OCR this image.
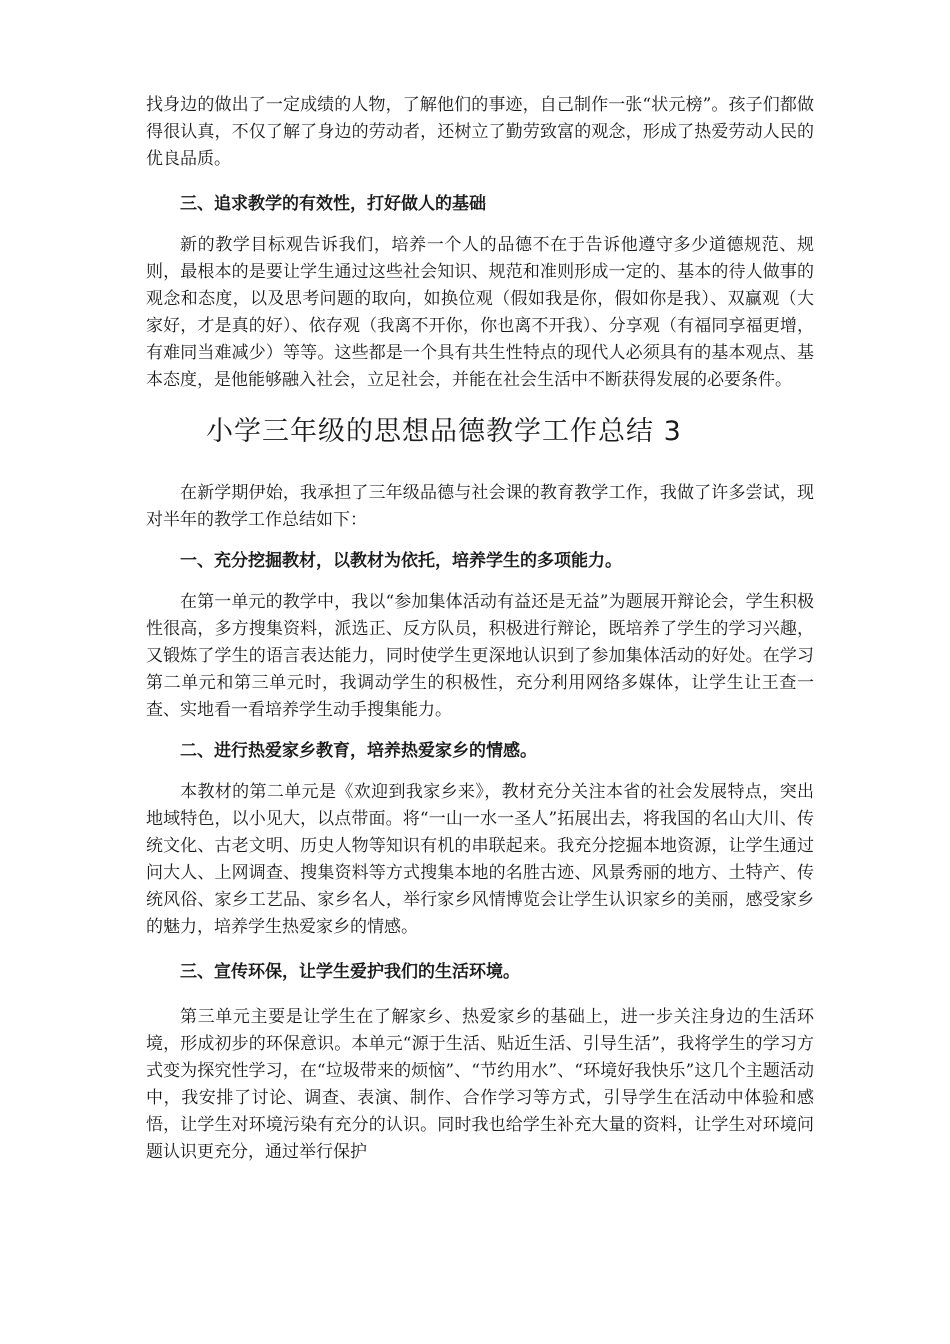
找身边的做出了一定成绩的人物，了解他们的事迹，自己制作一张“状元榜”。孩子们都做得很认真，不仅了解了身边的劳动者，还树立了勤劳致富的观念，形成了热爱劳动人民的优良品质。

三、追求教学的有效性，打好做人的基础

新的教学目标观告诉我们，培养一个人的品德不在于告诉他遵守多少道德规范、规则，最根本的是要让学生通过这些社会知识、规范和准则形成一定的、基本的待人做事的观念和态度，以及思考问题的取向，如换位观（假如我是你，假如你是我）、双赢观（大家好，才是真的好）、依存观（我离不开你，你也离不开我）、分享观（有福同享福更增，有难同当难减少）等等。这些都是一个具有共生性特点的现代人必须具有的基本观点、基本态度，是他能够融入社会，立足社会，并能在社会生活中不断获得发展的必要条件。

小学三年级的思想品德教学工作总结 3

在新学期伊始，我承担了三年级品德与社会课的教育教学工作，我做了许多尝试，现对半年的教学工作总结如下：

一、充分挖掘教材，以教材为依托，培养学生的多项能力。

在第一单元的教学中，我以“参加集体活动有益还是无益”为题展开辩论会，学生积极性很高，多方搜集资料，派选正、反方队员，积极进行辩论，既培养了学生的学习兴趣，又锻炼了学生的语言表达能力，同时使学生更深地认识到了参加集体活动的好处。在学习第二单元和第三单元时，我调动学生的积极性，充分利用网络多媒体，让学生让王查一查、实地看一看培养学生动手搜集能力。

二、进行热爱家乡教育，培养热爱家乡的情感。

本教材的第二单元是《欢迎到我家乡来》，教材充分关注本省的社会发展特点，突出地域特色，以小见大，以点带面。将“一山一水一圣人”拓展出去，将我国的名山大川、传统文化、古老文明、历史人物等知识有机的串联起来。我充分挖掘本地资源，让学生通过问大人、上网调查、搜集资料等方式搜集本地的名胜古迹、风景秀丽的地方、土特产、传统风俗、家乡工艺品、家乡名人，举行家乡风情博览会让学生认识家乡的美丽，感受家乡的魅力，培养学生热爱家乡的情感。

三、宣传环保，让学生爱护我们的生活环境。

第三单元主要是让学生在了解家乡、热爱家乡的基础上，进一步关注身边的生活环境，形成初步的环保意识。本单元“源于生活、贴近生活、引导生活”，我将学生的学习方式变为探究性学习，在“垃圾带来的烦恼”、“节约用水”、“环境好我快乐”这几个主题活动中，我安排了讨论、调查、表演、制作、合作学习等方式，引导学生在活动中体验和感悟，让学生对环境污染有充分的认识。同时我也给学生补充大量的资料，让学生对环境问题认识更充分，通过举行保护
